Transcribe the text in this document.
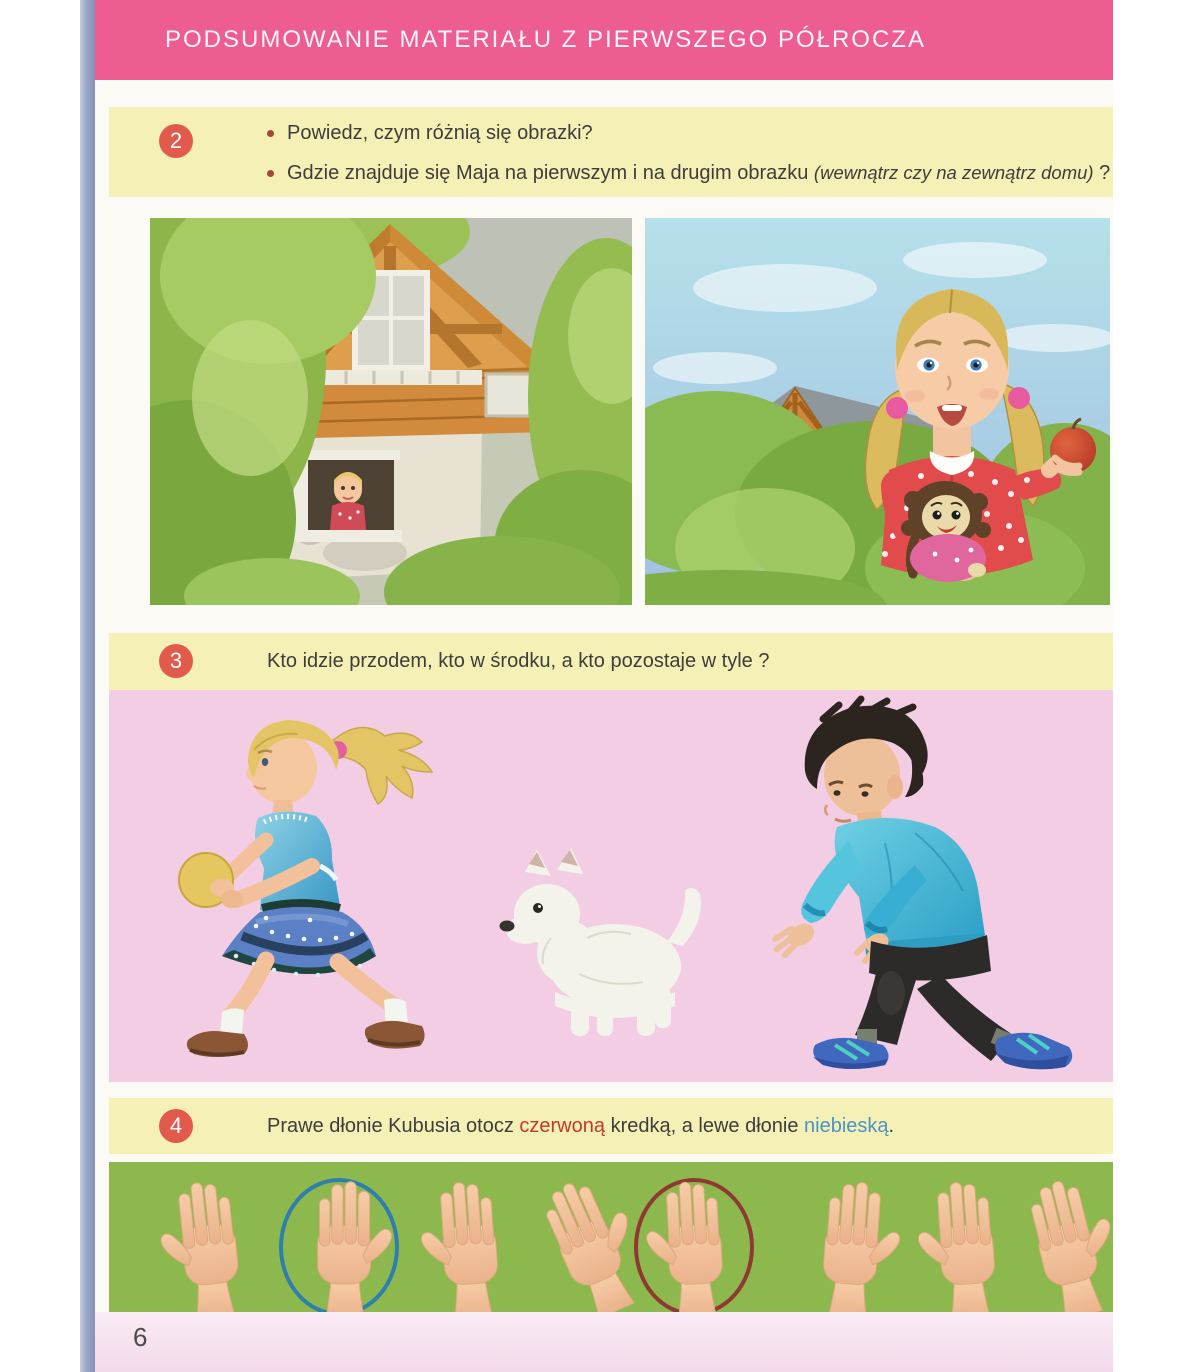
PODSUMOWANIE MATERIAŁU Z PIERWSZEGO PÓŁROCZA
2	Powiedz, czym różnią się obrazki?

Gdzie znajduje się Maja na pierwszym i na drugim obrazku
(wewnątrz czy na zewnątrz domu)
?

3	Kto idzie przodem, kto w środku, a kto pozostaje w tyle ?
4	Prawe dłonie Kubusia otocz
czerwoną
kredką, a lewe dłonie
niebieską .
6
